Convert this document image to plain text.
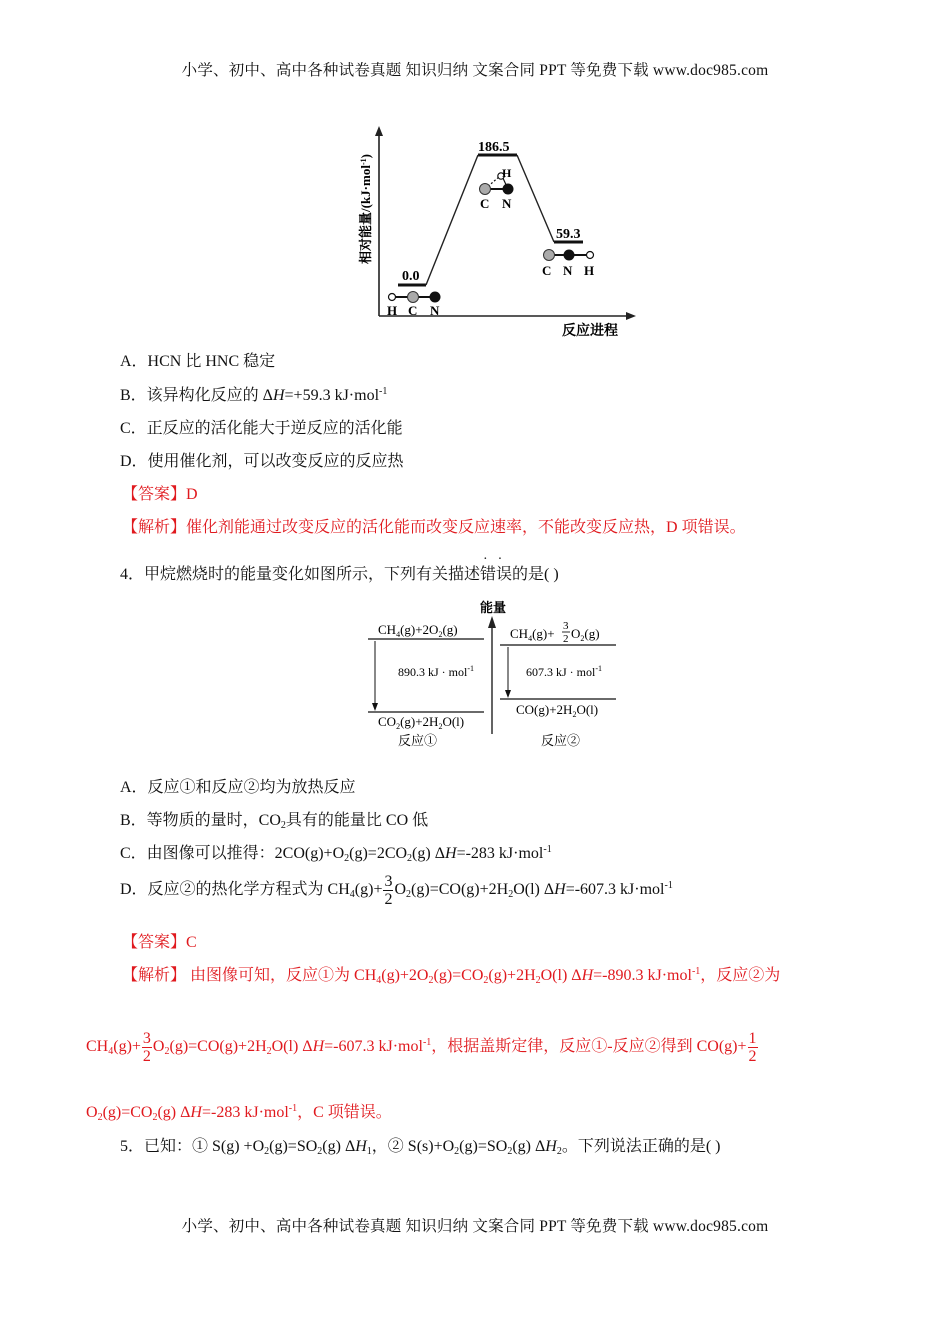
小学、初中、高中各种试卷真题 知识归纳 文案合同 PPT 等免费下载 www.doc985.com
相对能量/(kJ·mol$^{-1}$)
反应进程
0.0
186.5
59.3
H C N
H
C N
C N H
A．HCN 比 HNC 稳定
B．该异构化反应的 ΔH=+59.3 kJ·mol$^{-1}$
C．正反应的活化能大于逆反应的活化能
D．使用催化剂，可以改变反应的反应热
【答案】D
【解析】催化剂能通过改变反应的活化能而改变反应速率，不能改变反应热，D 项错误。
4．甲烷燃烧时的能量变化如图所示，下列有关描述错误
··
的是( )
能量
$CH_4(g)+2O_2(g)$
890.3 kJ · mol$^{-1}$
$CO_2(g)+2H_2O(l)$
反应①
$CH_4(g)+ 3$
2 $O_2(g)$
607.3 kJ · mol$^{-1}$
$CO(g)+2H_2O(l)$
反应②
A．反应①和反应②均为放热反应
B．等物质的量时，$CO_2$具有的能量比 CO 低
C．由图像可以推得：$2CO(g)+O_2(g)=2CO_2(g)$ ΔH=-283 kJ·mol$^{-1}$
D．反应②的热化学方程式为 $CH_4(g)+ \frac{3}{2} O_2(g)=CO(g)+2H_2O(l)$ ΔH=-607.3 kJ·mol$^{-1}$
【答案】C
【解析】 由图像可知，反应①为 $CH_4(g)+2O_2(g)=CO_2(g)+2H_2O(l)$ ΔH=-890.3 kJ·mol$^{-1}$，反应②为
$CH_4(g)+ \frac{3}{2} O_2(g)=CO(g)+2H_2O(l)$ ΔH=-607.3 kJ·mol$^{-1}$，根据盖斯定律，反应①-反应②得到 $CO(g)+ \frac{1}{2}$
$O_2(g)=CO_2(g)$ ΔH=-283 kJ·mol$^{-1}$，C 项错误。
5．已知：① $S(g) +O_2(g)=SO_2(g)$ $\Delta H_1$，② $S(s)+O_2(g)=SO_2(g)$ $\Delta H_2$。下列说法正确的是( )
小学、初中、高中各种试卷真题 知识归纳 文案合同 PPT 等免费下载 www.doc985.com
